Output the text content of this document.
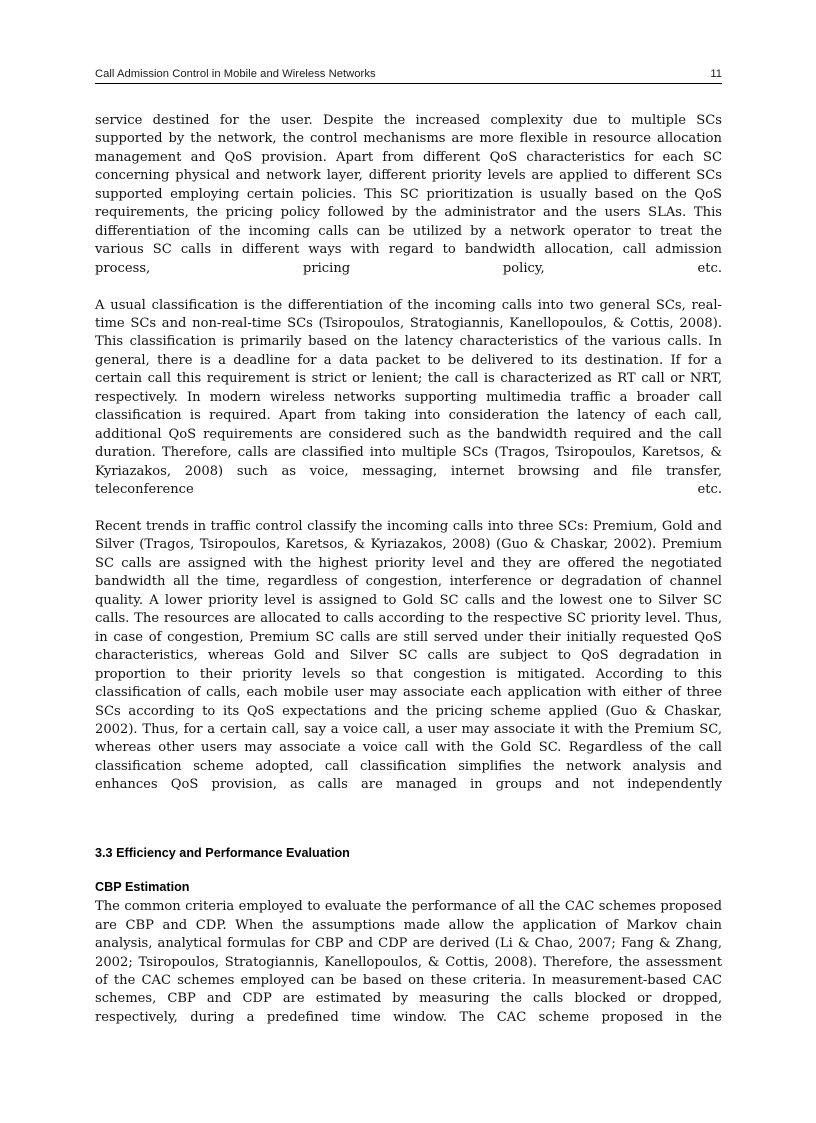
Call Admission Control in Mobile and Wireless Networks	11

service destined for the user. Despite the increased complexity due to multiple SCs supported by the network, the control mechanisms are more flexible in resource allocation management and QoS provision. Apart from different QoS characteristics for each SC concerning physical and network layer, different priority levels are applied to different SCs supported employing certain policies. This SC prioritization is usually based on the QoS requirements, the pricing policy followed by the administrator and the users SLAs. This differentiation of the incoming calls can be utilized by a network operator to treat the various SC calls in different ways with regard to bandwidth allocation, call admission process, pricing policy, etc.

A usual classification is the differentiation of the incoming calls into two general SCs, real-time SCs and non-real-time SCs (Tsiropoulos, Stratogiannis, Kanellopoulos, & Cottis, 2008). This classification is primarily based on the latency characteristics of the various calls. In general, there is a deadline for a data packet to be delivered to its destination. If for a certain call this requirement is strict or lenient; the call is characterized as RT call or NRT, respectively. In modern wireless networks supporting multimedia traffic a broader call classification is required. Apart from taking into consideration the latency of each call, additional QoS requirements are considered such as the bandwidth required and the call duration. Therefore, calls are classified into multiple SCs (Tragos, Tsiropoulos, Karetsos, & Kyriazakos, 2008) such as voice, messaging, internet browsing and file transfer, teleconference etc.

Recent trends in traffic control classify the incoming calls into three SCs: Premium, Gold and Silver (Tragos, Tsiropoulos, Karetsos, & Kyriazakos, 2008) (Guo & Chaskar, 2002). Premium SC calls are assigned with the highest priority level and they are offered the negotiated bandwidth all the time, regardless of congestion, interference or degradation of channel quality. A lower priority level is assigned to Gold SC calls and the lowest one to Silver SC calls. The resources are allocated to calls according to the respective SC priority level. Thus, in case of congestion, Premium SC calls are still served under their initially requested QoS characteristics, whereas Gold and Silver SC calls are subject to QoS degradation in proportion to their priority levels so that congestion is mitigated. According to this classification of calls, each mobile user may associate each application with either of three SCs according to its QoS expectations and the pricing scheme applied (Guo & Chaskar, 2002). Thus, for a certain call, say a voice call, a user may associate it with the Premium SC, whereas other users may associate a voice call with the Gold SC. Regardless of the call classification scheme adopted, call classification simplifies the network analysis and enhances QoS provision, as calls are managed in groups and not independently

3.3 Efficiency and Performance Evaluation
CBP Estimation

The common criteria employed to evaluate the performance of all the CAC schemes proposed are CBP and CDP. When the assumptions made allow the application of Markov chain analysis, analytical formulas for CBP and CDP are derived (Li & Chao, 2007; Fang & Zhang, 2002; Tsiropoulos, Stratogiannis, Kanellopoulos, & Cottis, 2008). Therefore, the assessment of the CAC schemes employed can be based on these criteria. In measurement-based CAC schemes, CBP and CDP are estimated by measuring the calls blocked or dropped, respectively, during a predefined time window. The CAC scheme proposed in the
